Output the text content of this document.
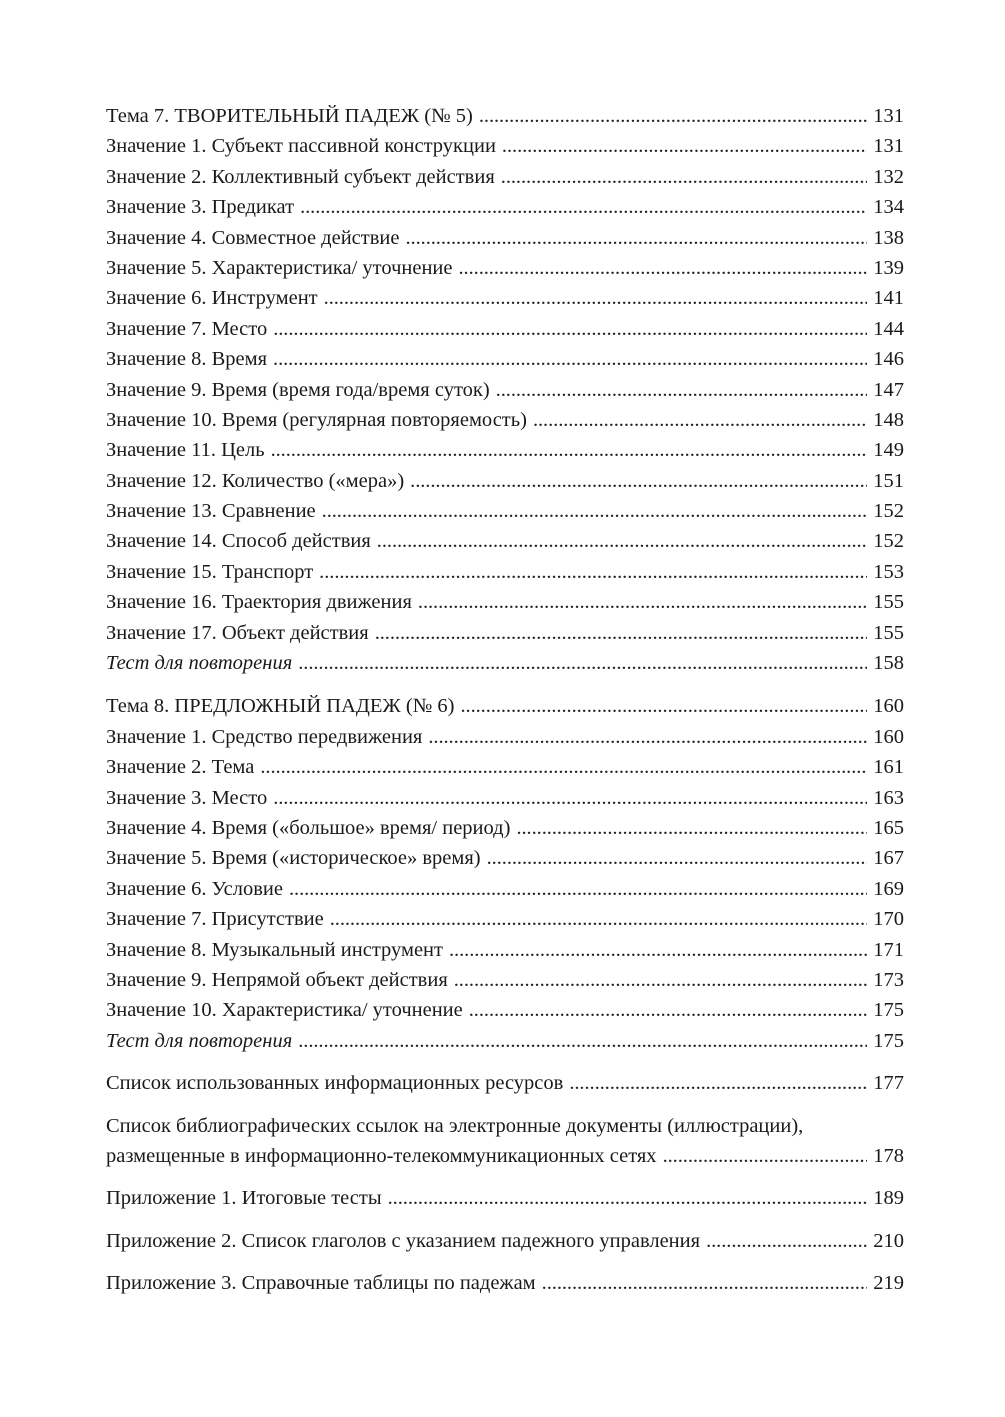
Тема 7. ТВОРИТЕЛЬНЫЙ ПАДЕЖ (№ 5) . . .	131
Значение 1. Субъект пассивной конструкции . . .	131
Значение 2. Коллективный субъект действия . . .	132
Значение 3. Предикат . . .	134
Значение 4. Совместное действие . . .	138
Значение 5. Характеристика/ уточнение . . .	139
Значение 6. Инструмент . . .	141
Значение 7. Место . . .	144
Значение 8. Время . . .	146
Значение 9. Время (время года/время суток) . . .	147
Значение 10. Время (регулярная повторяемость) . . .	148
Значение 11. Цель . . .	149
Значение 12. Количество («мера») . . .	151
Значение 13. Сравнение . . .	152
Значение 14. Способ действия . . .	152
Значение 15. Транспорт . . .	153
Значение 16. Траектория движения . . .	155
Значение 17. Объект действия . . .	155
Тест для повторения . . .	158
Тема 8. ПРЕДЛОЖНЫЙ ПАДЕЖ (№ 6) . . .	160
Значение 1. Средство передвижения . . .	160
Значение 2. Тема . . .	161
Значение 3. Место . . .	163
Значение 4. Время («большое» время/ период) . . .	165
Значение 5. Время («историческое» время) . . .	167
Значение 6. Условие . . .	169
Значение 7. Присутствие . . .	170
Значение 8. Музыкальный инструмент . . .	171
Значение 9. Непрямой объект действия . . .	173
Значение 10. Характеристика/ уточнение . . .	175
Тест для повторения . . .	175
Список использованных информационных ресурсов . . .	177
Список библиографических ссылок на электронные документы (иллюстрации),
размещенные в информационно-телекоммуникационных сетях . . .	178
Приложение 1. Итоговые тесты . . .	189
Приложение 2. Список глаголов с указанием падежного управления . . .	210
Приложение 3. Справочные таблицы по падежам . . .	219
